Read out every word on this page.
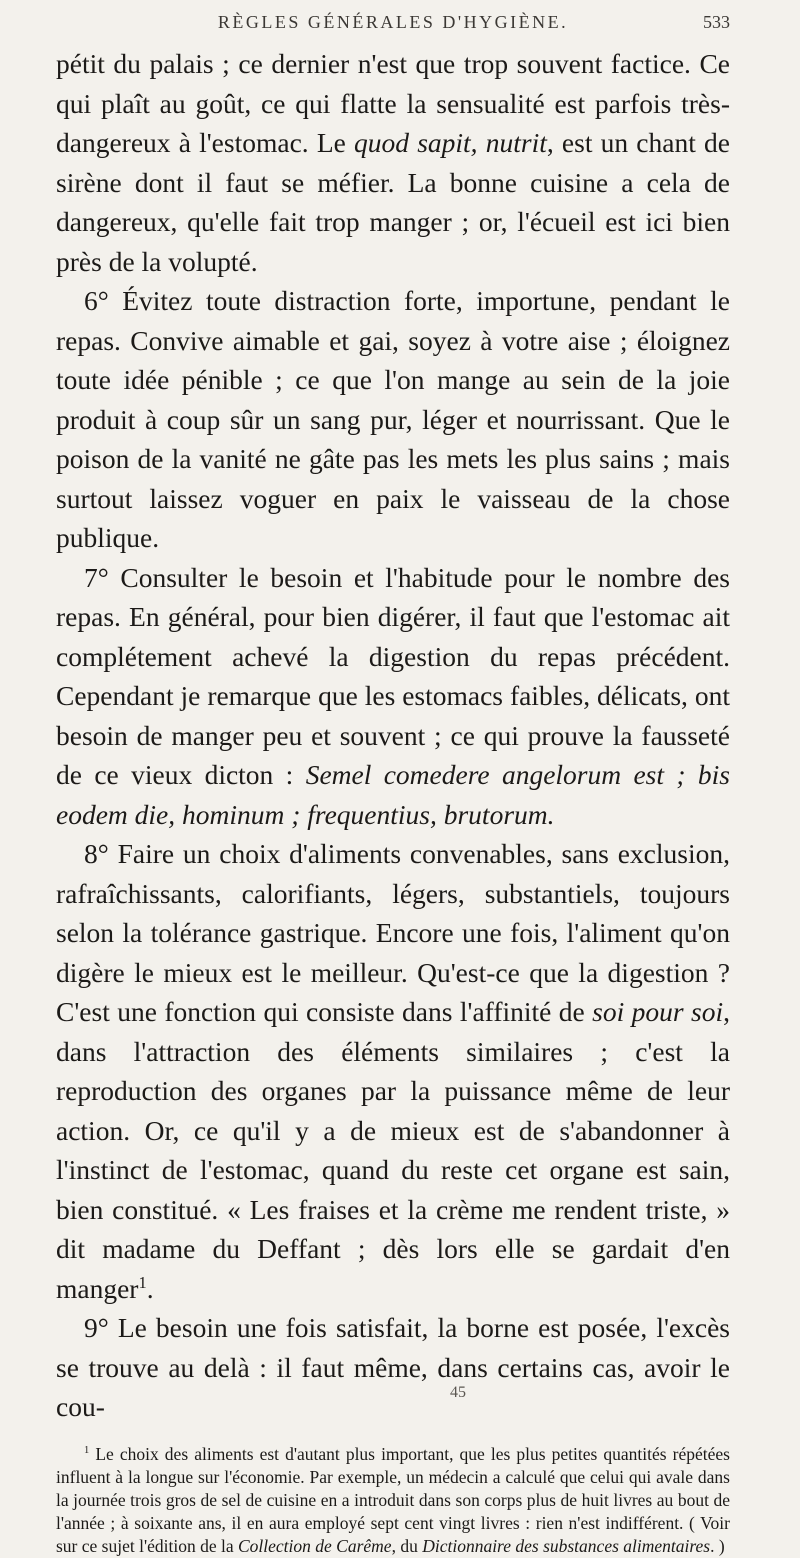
RÈGLES GÉNÉRALES D'HYGIÈNE.	533

pétit du palais ; ce dernier n'est que trop souvent factice. Ce qui plaît au goût, ce qui flatte la sensualité est parfois très-dangereux à l'estomac. Le quod sapit, nutrit, est un chant de sirène dont il faut se méfier. La bonne cuisine a cela de dangereux, qu'elle fait trop manger ; or, l'écueil est ici bien près de la volupté.

6° Évitez toute distraction forte, importune, pendant le repas. Convive aimable et gai, soyez à votre aise ; éloignez toute idée pénible ; ce que l'on mange au sein de la joie produit à coup sûr un sang pur, léger et nourrissant. Que le poison de la vanité ne gâte pas les mets les plus sains ; mais surtout laissez voguer en paix le vaisseau de la chose publique.

7° Consulter le besoin et l'habitude pour le nombre des repas. En général, pour bien digérer, il faut que l'estomac ait complétement achevé la digestion du repas précédent. Cependant je remarque que les estomacs faibles, délicats, ont besoin de manger peu et souvent ; ce qui prouve la fausseté de ce vieux dicton : Semel comedere angelorum est ; bis eodem die, hominum ; frequentius, brutorum.

8° Faire un choix d'aliments convenables, sans exclusion, rafraîchissants, calorifiants, légers, substantiels, toujours selon la tolérance gastrique. Encore une fois, l'aliment qu'on digère le mieux est le meilleur. Qu'est-ce que la digestion ? C'est une fonction qui consiste dans l'affinité de soi pour soi, dans l'attraction des éléments similaires ; c'est la reproduction des organes par la puissance même de leur action. Or, ce qu'il y a de mieux est de s'abandonner à l'instinct de l'estomac, quand du reste cet organe est sain, bien constitué. « Les fraises et la crème me rendent triste, » dit madame du Deffant ; dès lors elle se gardait d'en manger$^1$.

9° Le besoin une fois satisfait, la borne est posée, l'excès se trouve au delà : il faut même, dans certains cas, avoir le cou-

$^1$ Le choix des aliments est d'autant plus important, que les plus petites quantités répétées influent à la longue sur l'économie. Par exemple, un médecin a calculé que celui qui avale dans la journée trois gros de sel de cuisine en a introduit dans son corps plus de huit livres au bout de l'année ; à soixante ans, il en aura employé sept cent vingt livres : rien n'est indifférent. ( Voir sur ce sujet l'édition de la Collection de Carême, du Dictionnaire des substances alimentaires. )

45
